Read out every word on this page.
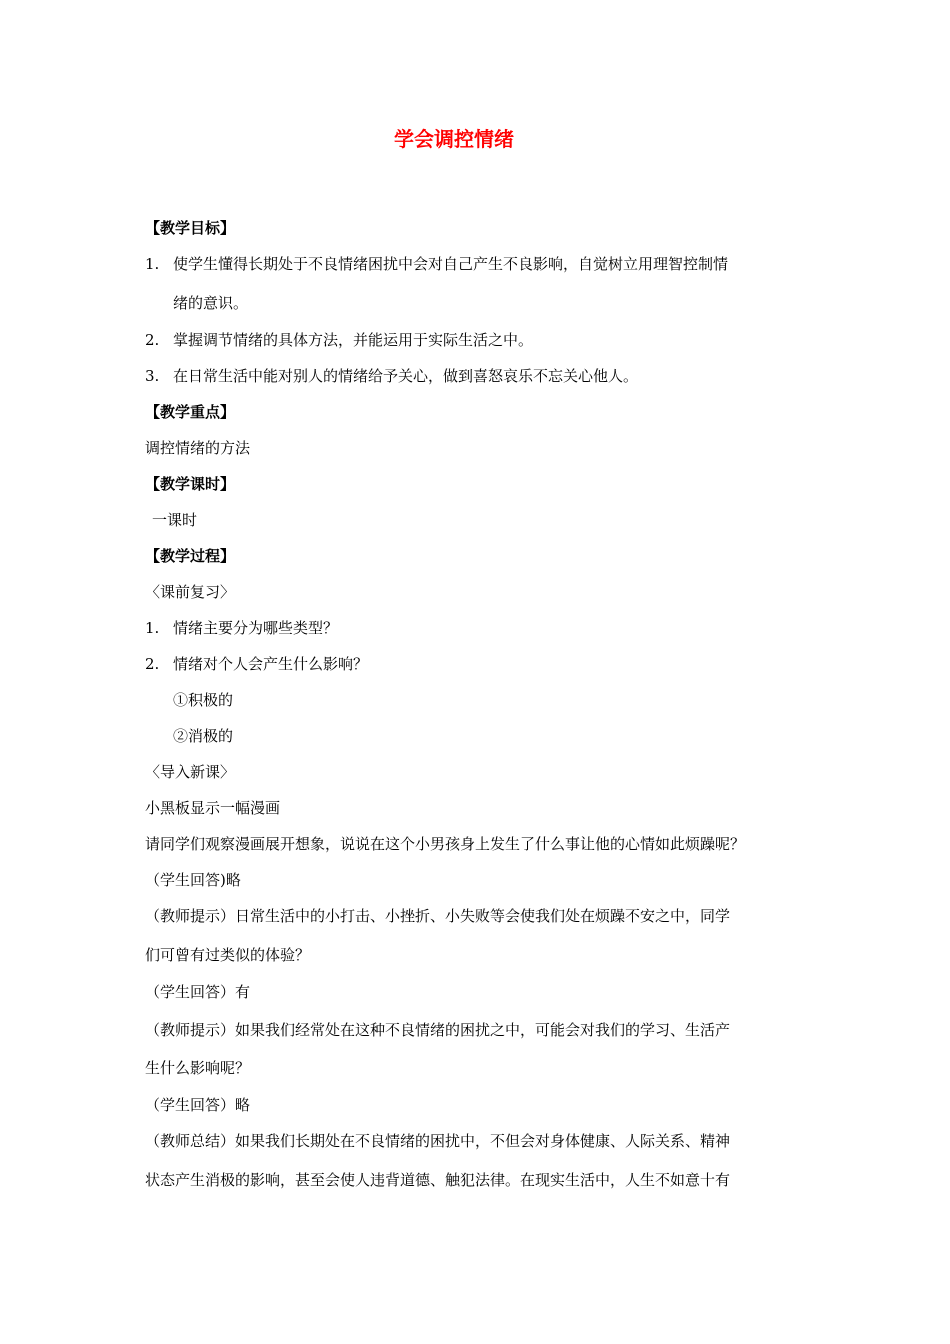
学会调控情绪
【教学目标】
1. 使学生懂得长期处于不良情绪困扰中会对自己产生不良影响，自觉树立用理智控制情
绪的意识。
2. 掌握调节情绪的具体方法，并能运用于实际生活之中。
3. 在日常生活中能对别人的情绪给予关心，做到喜怒哀乐不忘关心他人。
【教学重点】
调控情绪的方法
【教学课时】
一课时
【教学过程】
〈课前复习〉
1. 情绪主要分为哪些类型？
2. 情绪对个人会产生什么影响？
①积极的
②消极的
〈导入新课〉
小黑板显示一幅漫画
请同学们观察漫画展开想象，说说在这个小男孩身上发生了什么事让他的心情如此烦躁呢？
（学生回答)略
（教师提示）日常生活中的小打击、小挫折、小失败等会使我们处在烦躁不安之中，同学
们可曾有过类似的体验？
（学生回答）有
（教师提示）如果我们经常处在这种不良情绪的困扰之中，可能会对我们的学习、生活产
生什么影响呢？
（学生回答）略
（教师总结）如果我们长期处在不良情绪的困扰中，不但会对身体健康、人际关系、精神
状态产生消极的影响，甚至会使人违背道德、触犯法律。在现实生活中，人生不如意十有
